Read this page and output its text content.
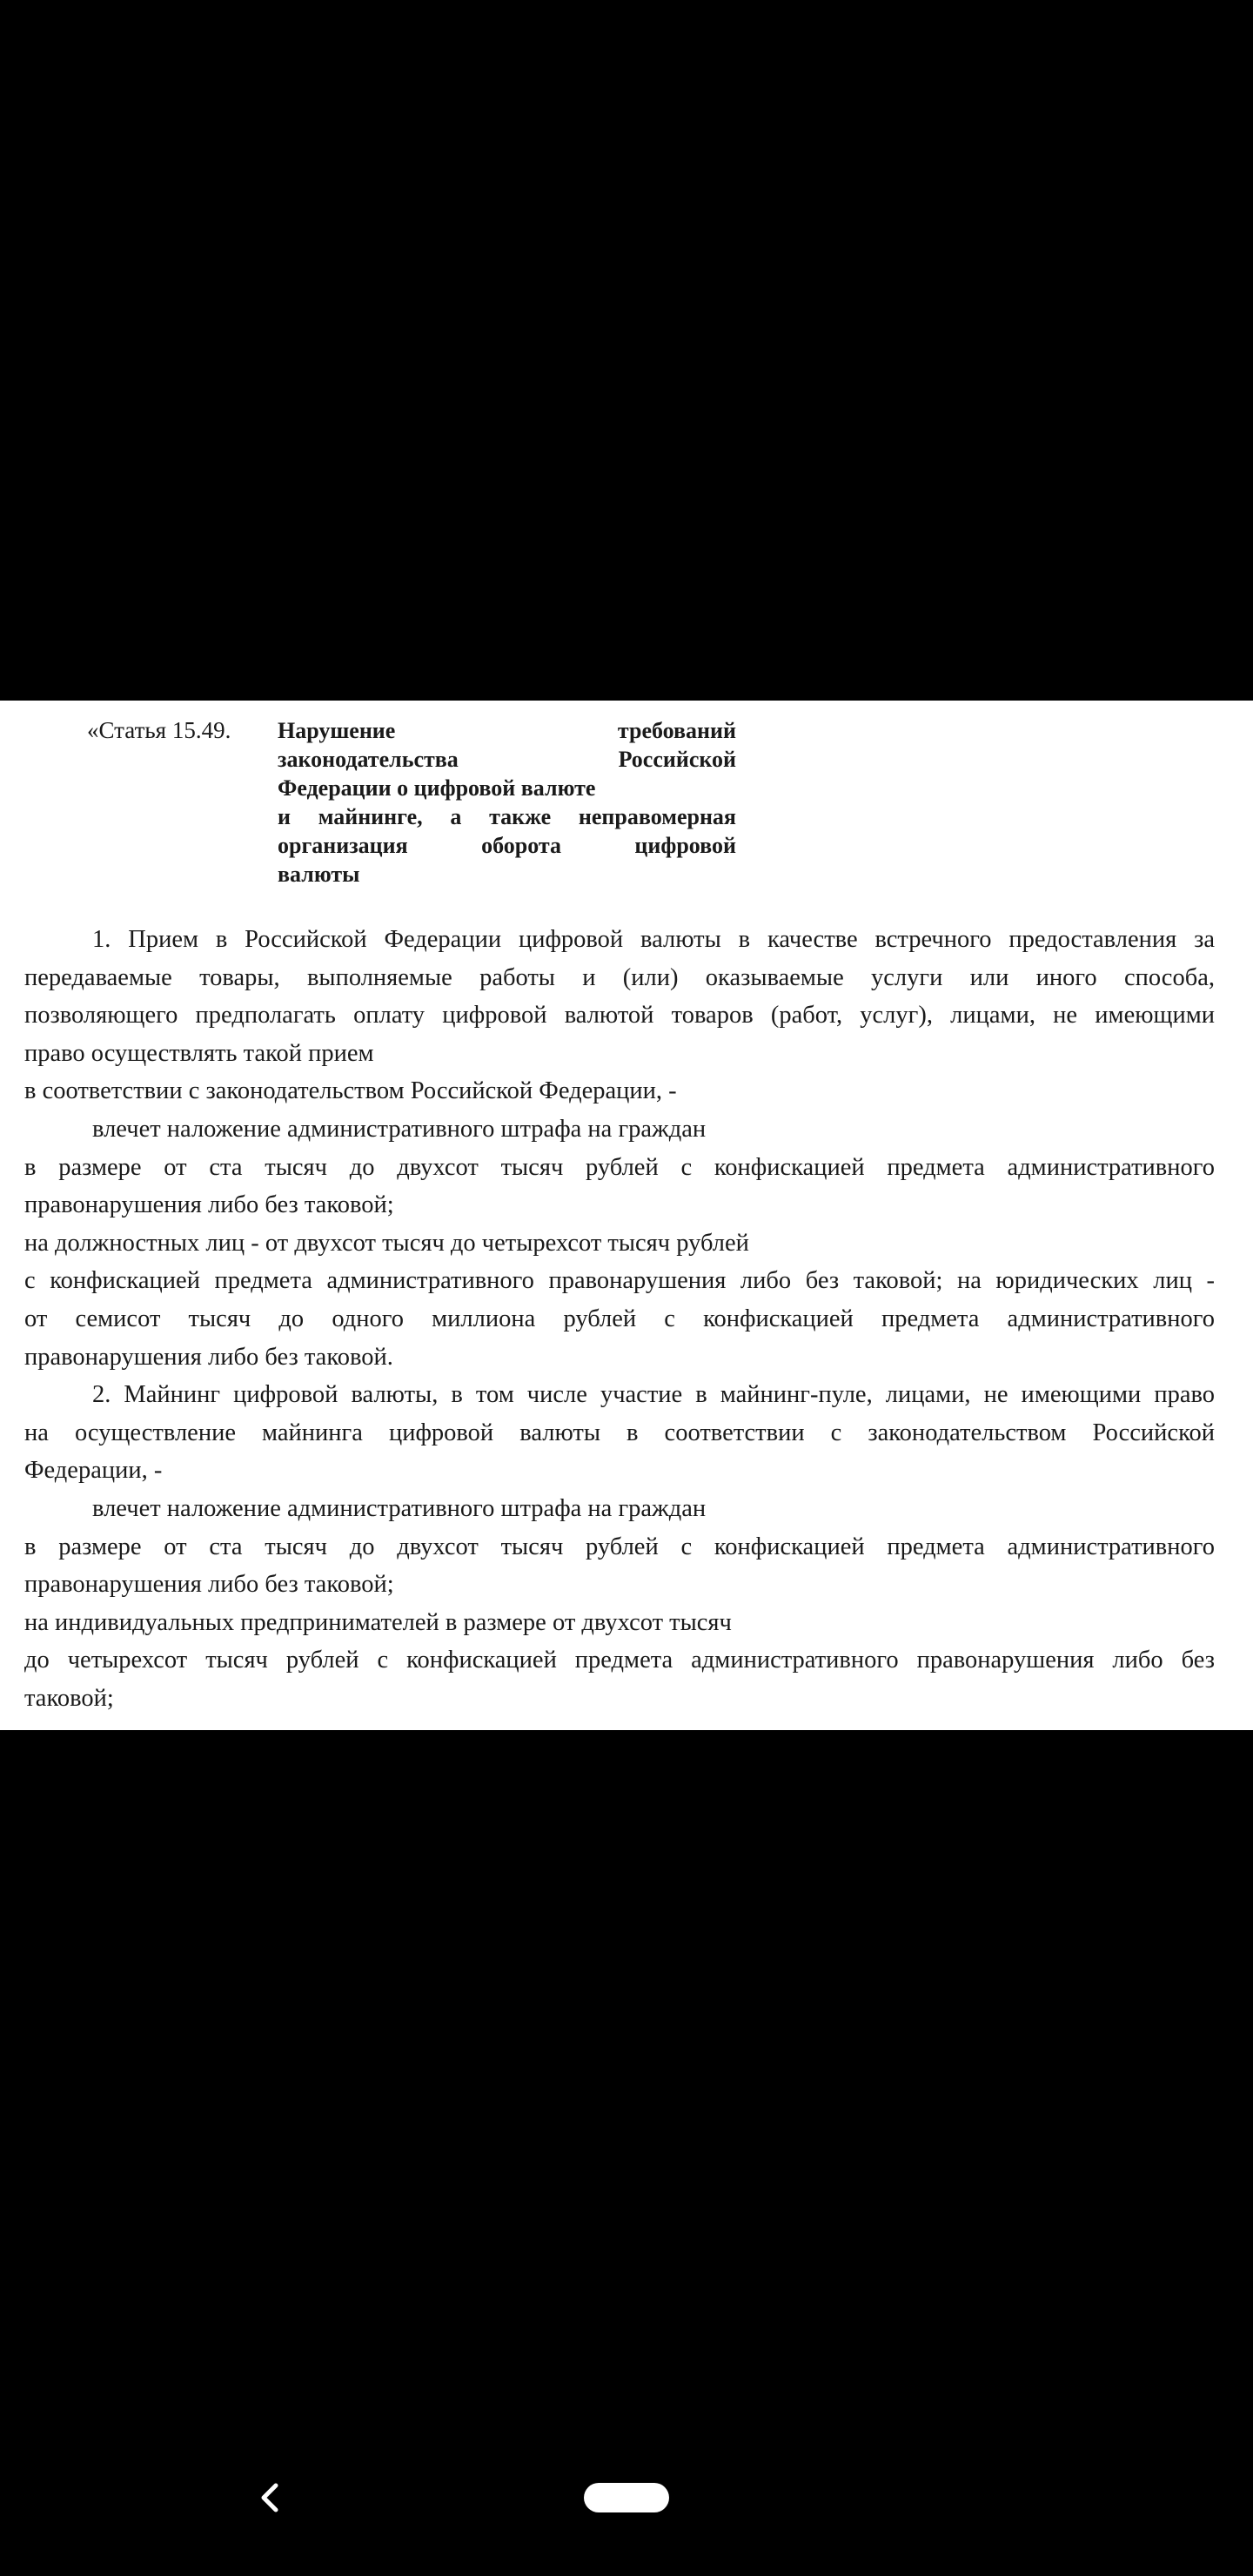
«Статья 15.49. Нарушение требований
законодательства Российской
Федерации о цифровой валюте
и майнинге, а также неправомерная
организация оборота цифровой
валюты
1. Прием в Российской Федерации цифровой валюты в качестве встречного предоставления за
передаваемые товары, выполняемые работы и (или) оказываемые услуги или иного способа,
позволяющего предполагать оплату цифровой валютой товаров (работ, услуг), лицами, не имеющими
право осуществлять такой прием
в соответствии с законодательством Российской Федерации, -
влечет наложение административного штрафа на граждан
в размере от ста тысяч до двухсот тысяч рублей с конфискацией предмета административного
правонарушения либо без таковой;
на должностных лиц - от двухсот тысяч до четырехсот тысяч рублей
с конфискацией предмета административного правонарушения либо без таковой; на юридических лиц -
от семисот тысяч до одного миллиона рублей с конфискацией предмета административного
правонарушения либо без таковой.
2. Майнинг цифровой валюты, в том числе участие в майнинг-пуле, лицами, не имеющими право
на осуществление майнинга цифровой валюты в соответствии с законодательством Российской
Федерации, -
влечет наложение административного штрафа на граждан
в размере от ста тысяч до двухсот тысяч рублей с конфискацией предмета административного
правонарушения либо без таковой;
на индивидуальных предпринимателей в размере от двухсот тысяч
до четырехсот тысяч рублей с конфискацией предмета административного правонарушения либо без
таковой;
